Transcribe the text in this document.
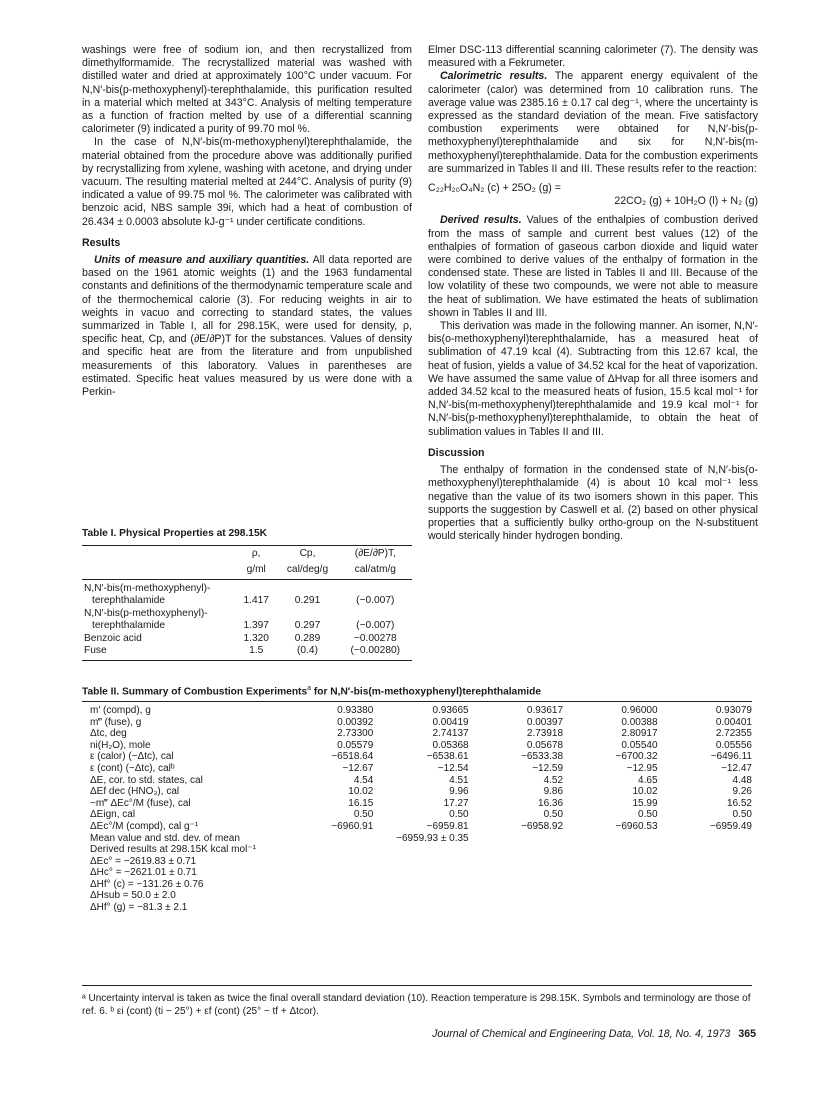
washings were free of sodium ion, and then recrystallized from dimethylformamide. The recrystallized material was washed with distilled water and dried at approximately 100°C under vacuum. For N,N′-bis(p-methoxyphenyl)-terephthalamide, this purification resulted in a material which melted at 343°C. Analysis of melting temperature as a function of fraction melted by use of a differential scanning calorimeter (9) indicated a purity of 99.70 mol %.

In the case of N,N′-bis(m-methoxyphenyl)terephthalamide, the material obtained from the procedure above was additionally purified by recrystallizing from xylene, washing with acetone, and drying under vacuum. The resulting material melted at 244°C. Analysis of purity (9) indicated a value of 99.75 mol %. The calorimeter was calibrated with benzoic acid, NBS sample 39i, which had a heat of combustion of 26.434 ± 0.0003 absolute kJ-g⁻¹ under certificate conditions.

Results

Units of measure and auxiliary quantities. All data reported are based on the 1961 atomic weights (1) and the 1963 fundamental constants and definitions of the thermodynamic temperature scale and of the thermochemical calorie (3). For reducing weights in air to weights in vacuo and correcting to standard states, the values summarized in Table I, all for 298.15K, were used for density, ρ, specific heat, Cp, and (∂E/∂P)T for the substances. Values of density and specific heat are from the literature and from unpublished measurements of this laboratory. Values in parentheses are estimated. Specific heat values measured by us were done with a Perkin-

Table I. Physical Properties at 298.15K
	ρ,	Cp,	(∂E/∂P)T,
	g/ml	cal/deg/g	cal/atm/g
N,N′-bis(m-methoxyphenyl)-			
terephthalamide	1.417	0.291	(−0.007)
N,N′-bis(p-methoxyphenyl)-			
terephthalamide	1.397	0.297	(−0.007)
Benzoic acid	1.320	0.289	−0.00278
Fuse	1.5	(0.4)	(−0.00280)

Elmer DSC-113 differential scanning calorimeter (7). The density was measured with a Fekrumeter.

Calorimetric results. The apparent energy equivalent of the calorimeter (caIor) was determined from 10 calibration runs. The average value was 2385.16 ± 0.17 cal deg⁻¹, where the uncertainty is expressed as the standard deviation of the mean. Five satisfactory combustion experiments were obtained for N,N′-bis(p-methoxyphenyl)terephthalamide and six for N,N′-bis(m-methoxyphenyl)terephthalamide. Data for the combustion experiments are summarized in Tables II and III. These results refer to the reaction:

C₂₂H₂₀O₄N₂ (c) + 25O₂ (g) =

22CO₂ (g) + 10H₂O (l) + N₂ (g)

Derived results. Values of the enthalpies of combustion derived from the mass of sample and current best values (12) of the enthalpies of formation of gaseous carbon dioxide and liquid water were combined to derive values of the enthalpy of formation in the condensed state. These are listed in Tables II and III. Because of the low volatility of these two compounds, we were not able to measure the heat of sublimation. We have estimated the heats of sublimation shown in Tables II and III.

This derivation was made in the following manner. An isomer, N,N′-bis(o-methoxyphenyl)terephthalamide, has a measured heat of sublimation of 47.19 kcal (4). Subtracting from this 12.67 kcal, the heat of fusion, yields a value of 34.52 kcal for the heat of vaporization. We have assumed the same value of ΔHvap for all three isomers and added 34.52 kcal to the measured heats of fusion, 15.5 kcal mol⁻¹ for N,N′-bis(m-methoxyphenyl)terephthalamide and 19.9 kcal mol⁻¹ for N,N′-bis(p-methoxyphenyl)terephthalamide, to obtain the heat of sublimation values in Tables II and III.

Discussion

The enthalpy of formation in the condensed state of N,N′-bis(o-methoxyphenyl)terephthalamide (4) is about 10 kcal mol⁻¹ less negative than the value of its two isomers shown in this paper. This supports the suggestion by Caswell et al. (2) based on other physical properties that a sufficiently bulky ortho-group on the N-substituent would sterically hinder hydrogen bonding.

Table II. Summary of Combustion Experiments$^a$ for N,N′-bis(m-methoxyphenyl)terephthalamide
m′ (compd), g	0.93380	0.93665	0.93617	0.96000	0.93079	
m‴ (fuse), g	0.00392	0.00419	0.00397	0.00388	0.00401	
Δtc, deg	2.73300	2.74137	2.73918	2.80917	2.72355	
ni(H₂O), mole	0.05579	0.05368	0.05678	0.05540	0.05556	
ε (calor) (−Δtc), cal	−6518.64	−6538.61	−6533.38	−6700.32	−6496.11	
ε (cont) (−Δtc), calᵇ	−12.67	−12.54	−12.59	−12.95	−12.47	
ΔE, cor. to std. states, cal	4.54	4.51	4.52	4.65	4.48	
ΔEf dec (HNO₃), cal	10.02	9.96	9.86	10.02	9.26	
−m‴ ΔEc°/M (fuse), cal	16.15	17.27	16.36	15.99	16.52	
ΔEign, cal	0.50	0.50	0.50	0.50	0.50	
ΔEc°/M (compd), cal g⁻¹	−6960.91	−6959.81	−6958.92	−6960.53	−6959.49	
Mean value and std. dev. of mean		−6959.93 ± 0.35				
Derived results at 298.15K kcal mol⁻¹						
ΔEc° = −2619.83 ± 0.71						
ΔHc° = −2621.01 ± 0.71						
ΔHf° (c) = −131.26 ± 0.76						
ΔHsub = 50.0 ± 2.0						
ΔHf° (g) = −81.3 ± 2.1						
ᵃ Uncertainty interval is taken as twice the final overall standard deviation (10). Reaction temperature is 298.15K. Symbols and terminology are those of ref. 6. ᵇ εi (cont) (ti − 25°) + εf (cont) (25° − tf + Δtcor).
Journal of Chemical and Engineering Data, Vol. 18, No. 4, 1973 365
